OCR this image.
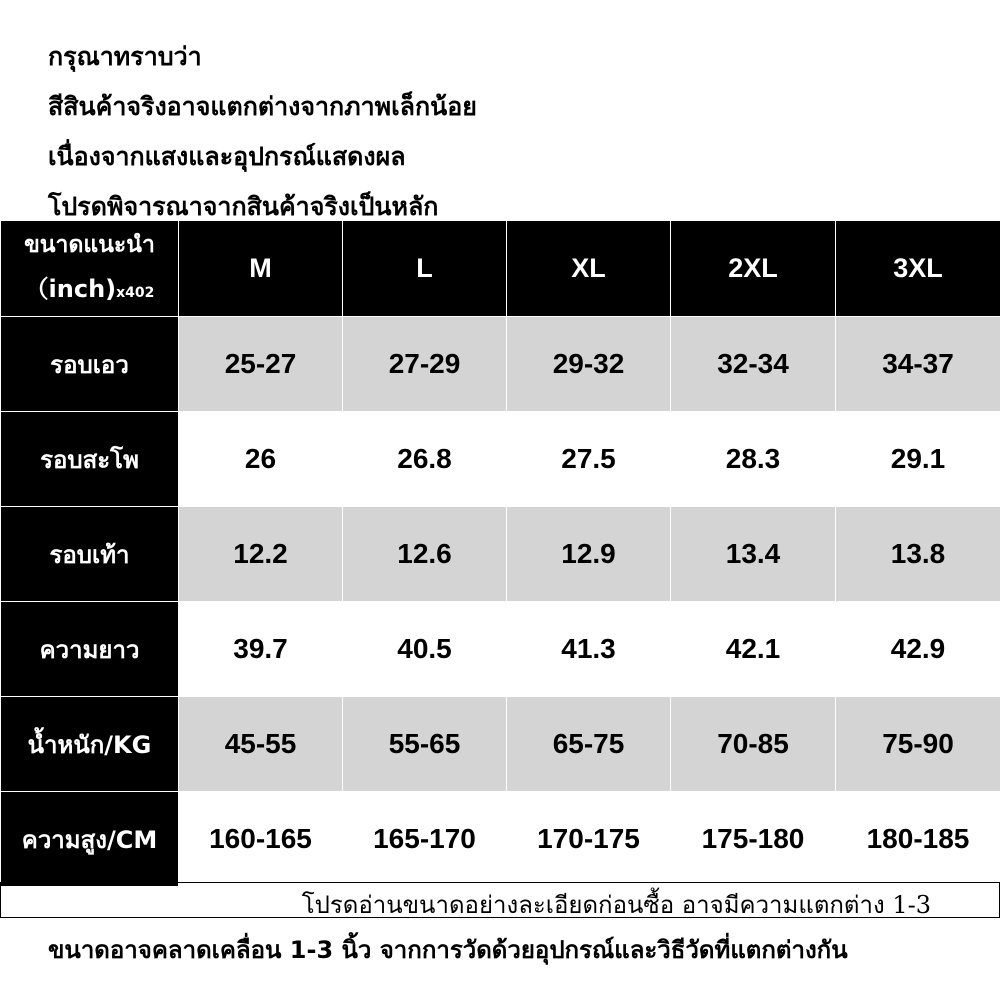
กรุณาทราบว่า
สีสินค้าจริงอาจแตกต่างจากภาพเล็กน้อย
เนื่องจากแสงและอุปกรณ์แสดงผล
โปรดพิจารณาจากสินค้าจริงเป็นหลัก
ขนาดแนะนำ
（inch)x402	M	L	XL	2XL	3XL
รอบเอว	25-27	27-29	29-32	32-34	34-37
รอบสะโพ	26	26.8	27.5	28.3	29.1
รอบเท้า	12.2	12.6	12.9	13.4	13.8
ความยาว	39.7	40.5	41.3	42.1	42.9
น้ำหนัก/KG	45-55	55-65	65-75	70-85	75-90
ความสูง/CM	160-165	165-170	170-175	175-180	180-185
โปรดอ่านขนาดอย่างละเอียดก่อนซื้อ อาจมีความแตกต่าง 1-3
ขนาดอาจคลาดเคลื่อน 1-3 นิ้ว จากการวัดด้วยอุปกรณ์และวิธีวัดที่แตกต่างกัน
